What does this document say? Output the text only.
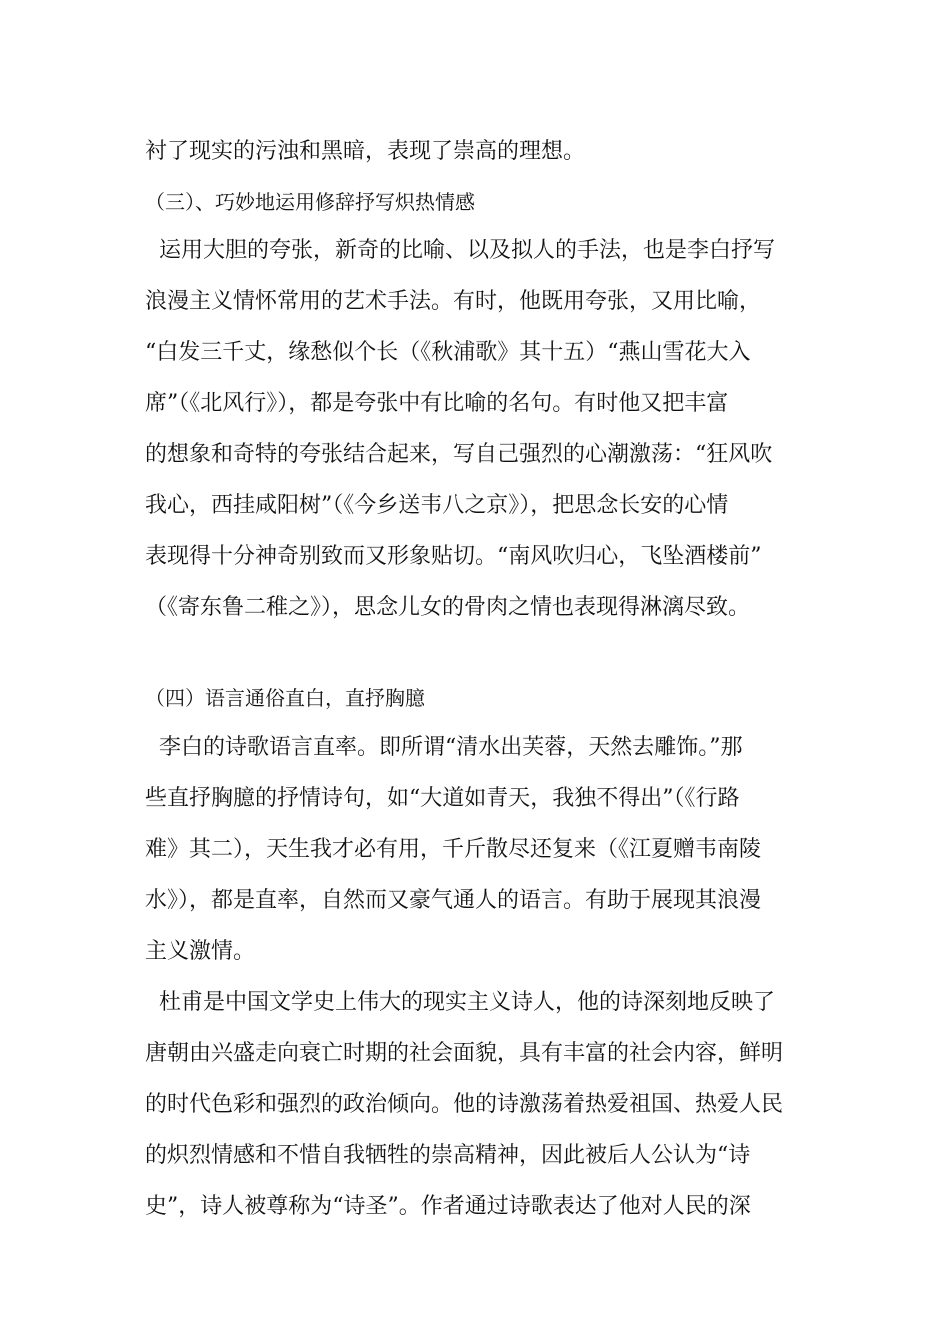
衬了现实的污浊和黑暗，表现了崇高的理想。
（三）、巧妙地运用修辞抒写炽热情感
运用大胆的夸张，新奇的比喻、以及拟人的手法，也是李白抒写
浪漫主义情怀常用的艺术手法。有时，他既用夸张，又用比喻，
“白发三千丈，缘愁似个长（《秋浦歌》其十五）“燕山雪花大入
席”（《北风行》），都是夸张中有比喻的名句。有时他又把丰富
的想象和奇特的夸张结合起来，写自己强烈的心潮激荡：“狂风吹
我心，西挂咸阳树”（《今乡送韦八之京》），把思念长安的心情
表现得十分神奇别致而又形象贴切。“南风吹归心，飞坠酒楼前”
（《寄东鲁二稚之》），思念儿女的骨肉之情也表现得淋漓尽致。
（四）语言通俗直白，直抒胸臆
李白的诗歌语言直率。即所谓“清水出芙蓉，天然去雕饰。”那
些直抒胸臆的抒情诗句，如“大道如青天，我独不得出”（《行路
难》其二），天生我才必有用，千斤散尽还复来（《江夏赠韦南陵
水》），都是直率，自然而又豪气通人的语言。有助于展现其浪漫
主义激情。
杜甫是中国文学史上伟大的现实主义诗人，他的诗深刻地反映了
唐朝由兴盛走向衰亡时期的社会面貌，具有丰富的社会内容，鲜明
的时代色彩和强烈的政治倾向。他的诗激荡着热爱祖国、热爱人民
的炽烈情感和不惜自我牺牲的崇高精神，因此被后人公认为“诗
史”，诗人被尊称为“诗圣”。作者通过诗歌表达了他对人民的深
